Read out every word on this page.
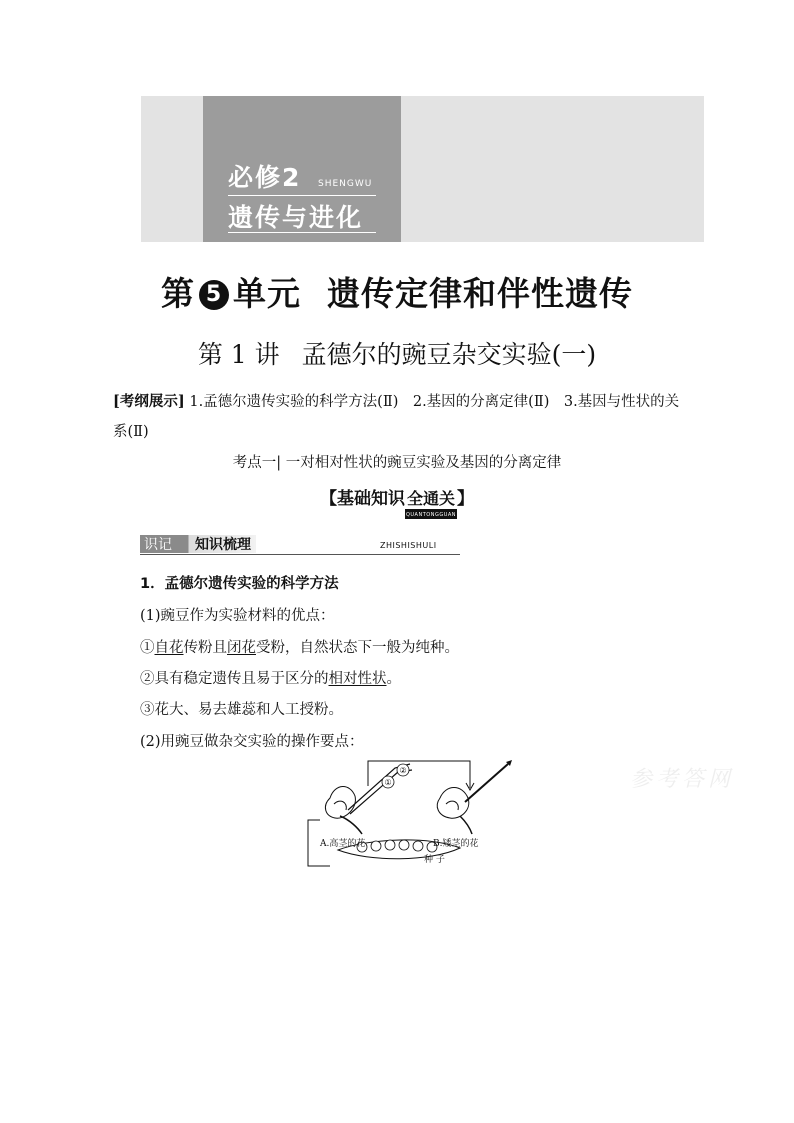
必修2 SHENGWU
遗传与进化
第 5 单元 遗传定律和伴性遗传
第 1 讲 孟德尔的豌豆杂交实验(一)
[考纲展示] 1.孟德尔遗传实验的科学方法(Ⅱ)　2.基因的分离定律(Ⅱ)　3.基因与性状的关系(Ⅱ)
考点一| 一对相对性状的豌豆实验及基因的分离定律
【基础知识 全通关
QUANTONGGUAN
】
识记 知识梳理	ZHISHISHULI
1．孟德尔遗传实验的科学方法
(1)豌豆作为实验材料的优点：
①自花传粉且闭花受粉，自然状态下一般为纯种。
②具有稳定遗传且易于区分的相对性状。
③花大、易去雄蕊和人工授粉。
(2)用豌豆做杂交实验的操作要点：
参考答网
①
②
A.高茎的花	B.矮茎的花
种 子
